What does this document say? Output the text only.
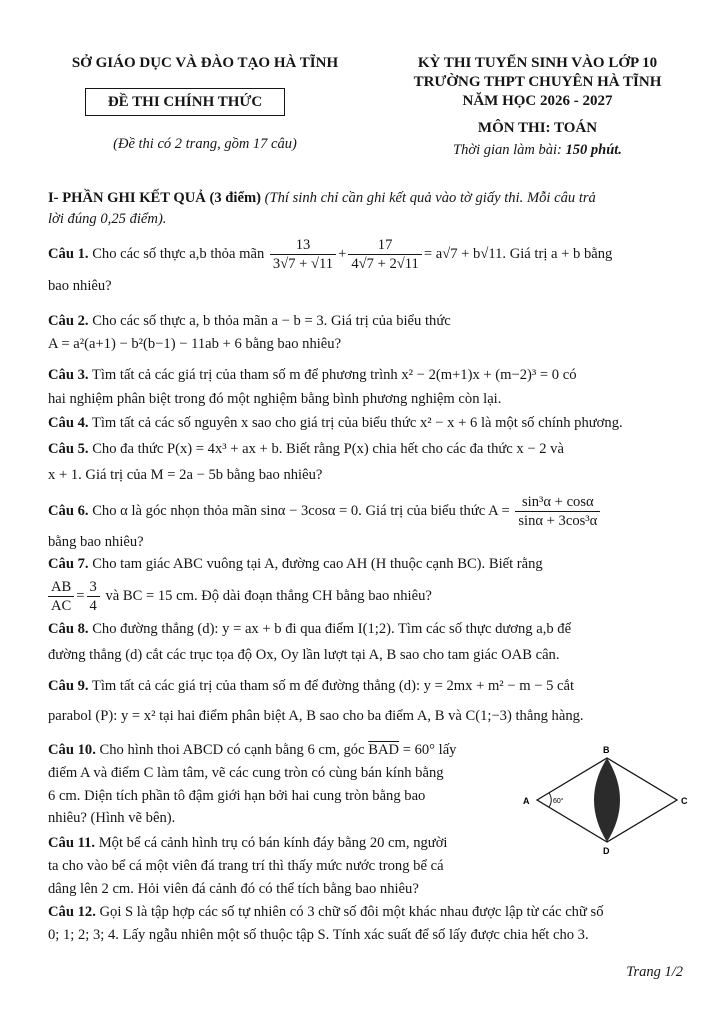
SỞ GIÁO DỤC VÀ ĐÀO TẠO HÀ TĨNH
ĐỀ THI CHÍNH THỨC
(Đề thi có 2 trang, gồm 17 câu)
KỲ THI TUYỂN SINH VÀO LỚP 10
TRƯỜNG THPT CHUYÊN HÀ TĨNH
NĂM HỌC 2026 - 2027
MÔN THI: TOÁN
Thời gian làm bài: 150 phút.
I- PHẦN GHI KẾT QUẢ (3 điểm) (Thí sinh chỉ cần ghi kết quả vào tờ giấy thi. Mỗi câu trả
lời đúng 0,25 điểm).
Câu 1. Cho các số thực a,b thỏa mãn $\frac{13}{3√7 + √11} + \frac{17}{4√7 + 2√11} = a√7 + b√11$. Giá trị a + b bằng
bao nhiêu?
Câu 2. Cho các số thực a, b thỏa mãn a − b = 3. Giá trị của biểu thức
A = a²(a+1) − b²(b−1) − 11ab + 6 bằng bao nhiêu?
Câu 3. Tìm tất cả các giá trị của tham số m để phương trình x² − 2(m+1)x + (m−2)³ = 0 có
hai nghiệm phân biệt trong đó một nghiệm bằng bình phương nghiệm còn lại.
Câu 4. Tìm tất cả các số nguyên x sao cho giá trị của biểu thức x² − x + 6 là một số chính phương.
Câu 5. Cho đa thức P(x) = 4x³ + ax + b. Biết rằng P(x) chia hết cho các đa thức x − 2 và
x + 1. Giá trị của M = 2a − 5b bằng bao nhiêu?
Câu 6. Cho α là góc nhọn thỏa mãn sinα − 3cosα = 0. Giá trị của biểu thức $A = \frac{\text{sin³α + cosα}}{\text{sinα + 3cos³α}}$
bằng bao nhiêu?
Câu 7. Cho tam giác ABC vuông tại A, đường cao AH (H thuộc cạnh BC). Biết rằng
$\frac{AB}{AC} = \frac{3}{4}$ và BC = 15 cm. Độ dài đoạn thẳng CH bằng bao nhiêu?
Câu 8. Cho đường thẳng (d): y = ax + b đi qua điểm I(1;2). Tìm các số thực dương a,b để
đường thẳng (d) cắt các trục tọa độ Ox, Oy lần lượt tại A, B sao cho tam giác OAB cân.
Câu 9. Tìm tất cả các giá trị của tham số m để đường thẳng (d): y = 2mx + m² − m − 5 cắt
parabol (P): y = x² tại hai điểm phân biệt A, B sao cho ba điểm A, B và C(1;−3) thẳng hàng.
Câu 10. Cho hình thoi ABCD có cạnh bằng 6 cm, góc $\overline{BAD} = 60^\circ$ lấy
điểm A và điểm C làm tâm, vẽ các cung tròn có cùng bán kính bằng
6 cm. Diện tích phần tô đậm giới hạn bởi hai cung tròn bằng bao
nhiêu? (Hình vẽ bên).
A
B
C
D
60°
Câu 11. Một bể cá cảnh hình trụ có bán kính đáy bằng 20 cm, người
ta cho vào bể cá một viên đá trang trí thì thấy mức nước trong bể cá
dâng lên 2 cm. Hỏi viên đá cảnh đó có thể tích bằng bao nhiêu?
Câu 12. Gọi S là tập hợp các số tự nhiên có 3 chữ số đôi một khác nhau được lập từ các chữ số
0; 1; 2; 3; 4. Lấy ngẫu nhiên một số thuộc tập S. Tính xác suất để số lấy được chia hết cho 3.
Trang 1/2
